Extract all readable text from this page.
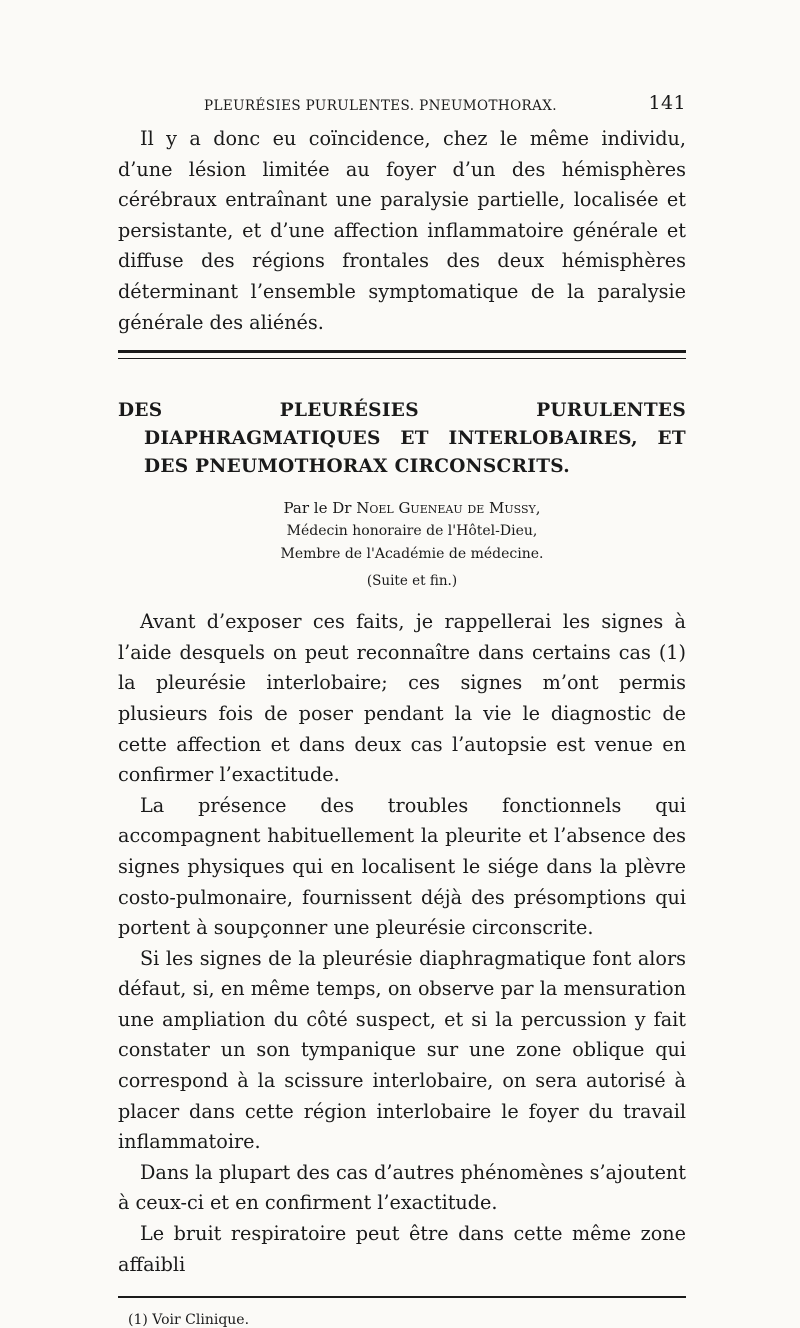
PLEURÉSIES PURULENTES. PNEUMOTHORAX.	141

Il y a donc eu coïncidence, chez le même individu, d’une lésion limitée au foyer d’un des hémisphères cérébraux entraînant une paralysie partielle, localisée et persistante, et d’une affection inflammatoire générale et diffuse des régions frontales des deux hémisphères déterminant l’ensemble symptomatique de la paralysie générale des aliénés.

DES PLEURÉSIES PURULENTES DIAPHRAGMATIQUES ET INTERLOBAIRES, ET DES PNEUMOTHORAX CIRCONSCRITS.
Par le Dr Noel Gueneau de Mussy,
Médecin honoraire de l'Hôtel-Dieu,
Membre de l'Académie de médecine.
(Suite et fin.)

Avant d’exposer ces faits, je rappellerai les signes à l’aide desquels on peut reconnaître dans certains cas (1) la pleurésie interlobaire; ces signes m’ont permis plusieurs fois de poser pendant la vie le diagnostic de cette affection et dans deux cas l’autopsie est venue en confirmer l’exactitude.

La présence des troubles fonctionnels qui accompagnent habituellement la pleurite et l’absence des signes physiques qui en localisent le siége dans la plèvre costo-pulmonaire, fournissent déjà des présomptions qui portent à soupçonner une pleurésie circonscrite.

Si les signes de la pleurésie diaphragmatique font alors défaut, si, en même temps, on observe par la mensuration une ampliation du côté suspect, et si la percussion y fait constater un son tympanique sur une zone oblique qui correspond à la scissure interlobaire, on sera autorisé à placer dans cette région interlobaire le foyer du travail inflammatoire.

Dans la plupart des cas d’autres phénomènes s’ajoutent à ceux-ci et en confirment l’exactitude.

Le bruit respiratoire peut être dans cette même zone affaibli

(1) Voir Clinique.
